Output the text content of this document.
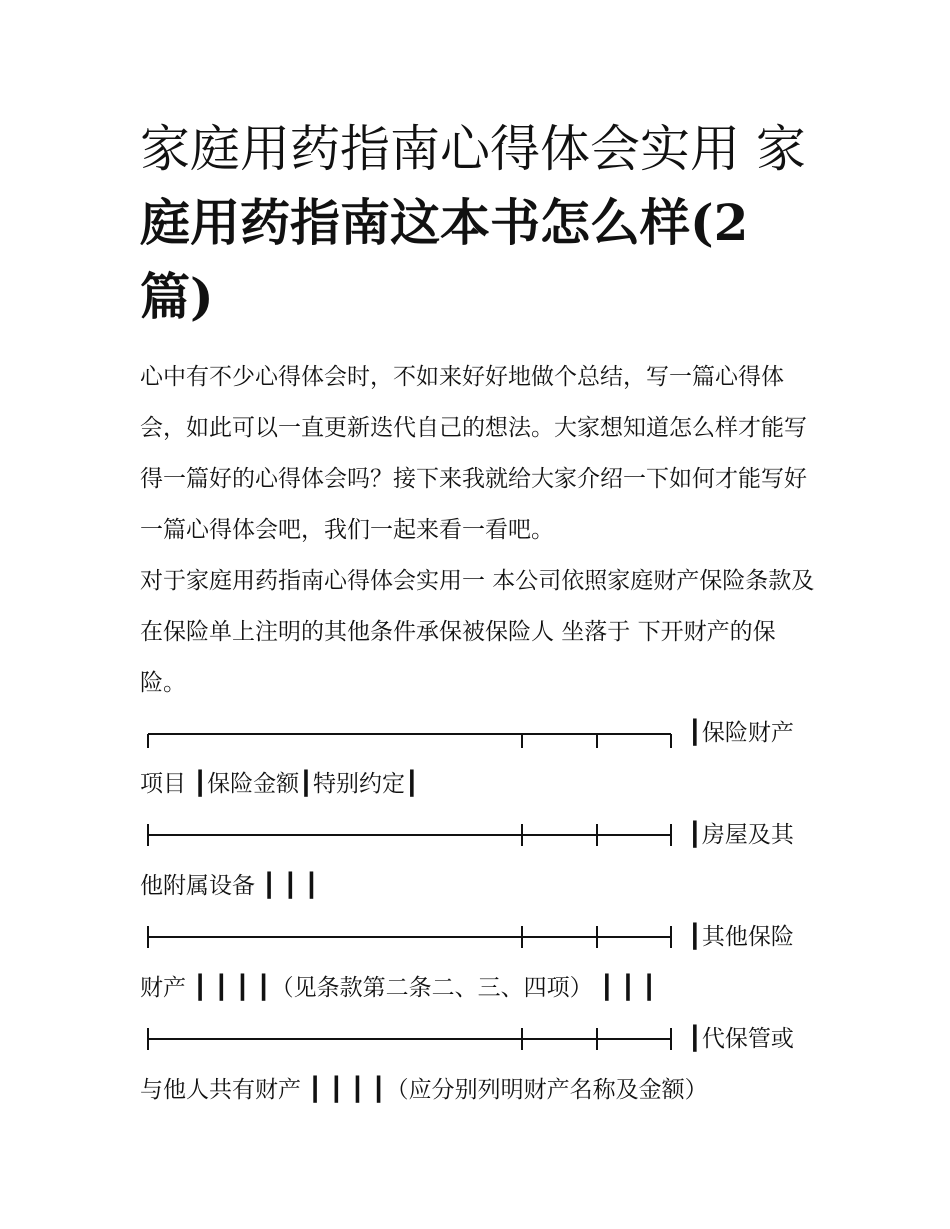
家庭用药指南心得体会实用 家
庭用药指南这本书怎么样(2
篇)

心中有不少心得体会时，不如来好好地做个总结，写一篇心得体会，如此可以一直更新迭代自己的想法。大家想知道怎么样才能写得一篇好的心得体会吗？接下来我就给大家介绍一下如何才能写好一篇心得体会吧，我们一起来看一看吧。

对于家庭用药指南心得体会实用一 本公司依照家庭财产保险条款及在保险单上注明的其他条件承保被保险人 坐落于 下开财产的保险。

┃保险财产
项目 ┃保险金额┃特别约定┃
┃房屋及其
他附属设备 ┃ ┃ ┃
┃其他保险
财产 ┃ ┃ ┃ ┃（见条款第二条二、三、四项） ┃ ┃ ┃
┃代保管或
与他人共有财产 ┃ ┃ ┃ ┃（应分别列明财产名称及金额）
